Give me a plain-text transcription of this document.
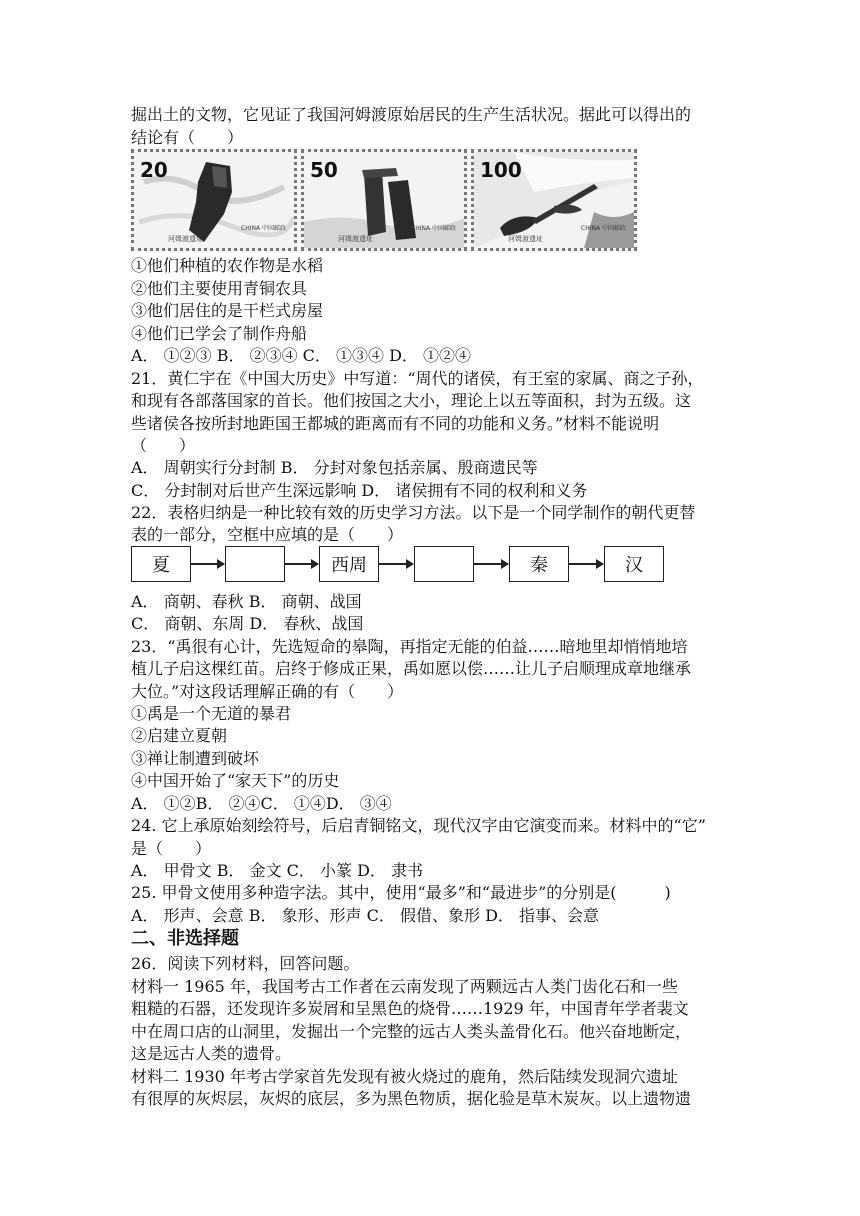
掘出土的文物，它见证了我国河姆渡原始居民的生产生活状况。据此可以得出的
结论有（　　）
20
CHINA 中国邮政
河姆渡遗址
50
CHINA 中国邮政
河姆渡遗址
100
CHINA 中国邮政
河姆渡遗址
①他们种植的农作物是水稻
②他们主要使用青铜农具
③他们居住的是干栏式房屋
④他们已学会了制作舟船
A． ①②③ B． ②③④ C． ①③④ D． ①②④
21．黄仁宇在《中国大历史》中写道：“周代的诸侯，有王室的家属、商之子孙，
和现有各部落国家的首长。他们按国之大小，理论上以五等面积，封为五级。这
些诸侯各按所封地距国王都城的距离而有不同的功能和义务。”材料不能说明
（　　）
A． 周朝实行分封制 B． 分封对象包括亲属、殷商遗民等
C． 分封制对后世产生深远影响 D． 诸侯拥有不同的权利和义务
22．表格归纳是一种比较有效的历史学习方法。以下是一个同学制作的朝代更替
表的一部分，空框中应填的是（　　）
夏	西周	秦	汉
A． 商朝、春秋 B． 商朝、战国
C． 商朝、东周 D． 春秋、战国
23．“禹很有心计，先选短命的皋陶，再指定无能的伯益……暗地里却悄悄地培
植儿子启这棵红苗。启终于修成正果，禹如愿以偿……让儿子启顺理成章地继承
大位。”对这段话理解正确的有（　　）
①禹是一个无道的暴君
②启建立夏朝
③禅让制遭到破坏
④中国开始了“家天下”的历史
A． ①②B． ②④C． ①④D． ③④
24. 它上承原始刻绘符号，后启青铜铭文，现代汉字由它演变而来。材料中的“它”
是（　　）
A． 甲骨文 B． 金文 C． 小篆 D． 隶书
25. 甲骨文使用多种造字法。其中，使用“最多”和“最进步”的分别是(　　　)
A． 形声、会意 B． 象形、形声 C． 假借、象形 D． 指事、会意
二、非选择题
26．阅读下列材料，回答问题。
材料一 1965 年，我国考古工作者在云南发现了两颗远古人类门齿化石和一些
粗糙的石器，还发现许多炭屑和呈黑色的烧骨……1929 年，中国青年学者裴文
中在周口店的山洞里，发掘出一个完整的远古人类头盖骨化石。他兴奋地断定，
这是远古人类的遗骨。
材料二 1930 年考古学家首先发现有被火烧过的鹿角，然后陆续发现洞穴遗址
有很厚的灰烬层，灰烬的底层，多为黑色物质，据化验是草木炭灰。以上遗物遗
